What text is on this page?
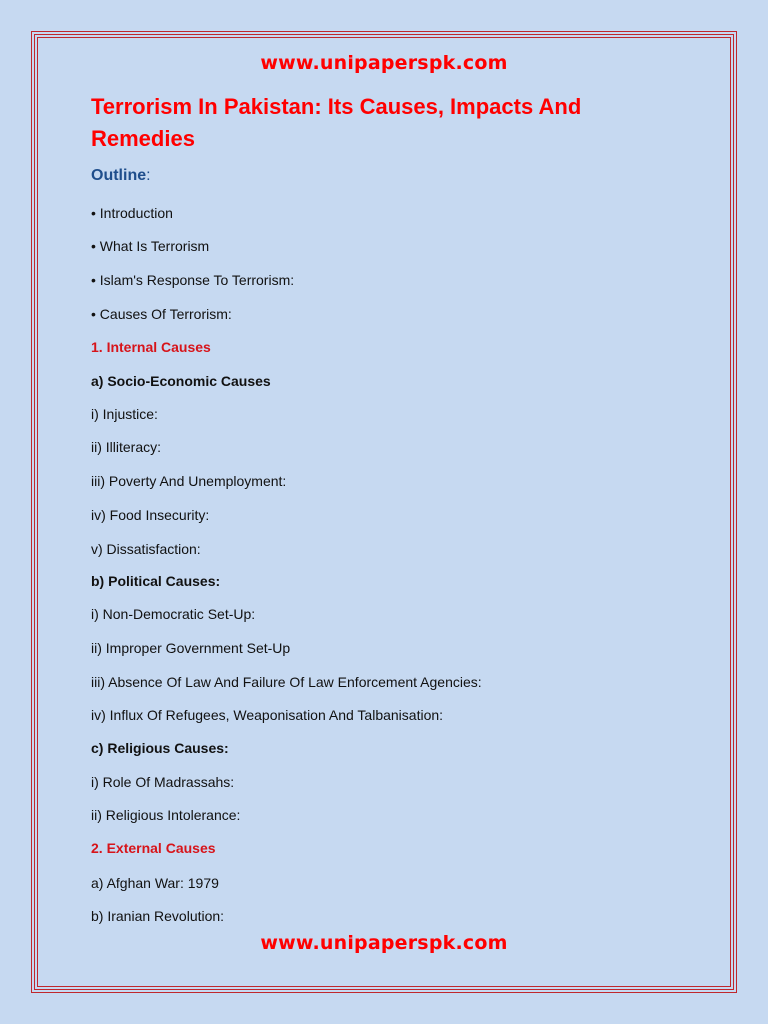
www.unipaperspk.com

Terrorism In Pakistan: Its Causes, Impacts And Remedies
Outline:

• Introduction

• What Is Terrorism

• Islam's Response To Terrorism:

• Causes Of Terrorism:

1. Internal Causes

a) Socio-Economic Causes

i) Injustice:

ii) Illiteracy:

iii) Poverty And Unemployment:

iv) Food Insecurity:

v) Dissatisfaction:

b) Political Causes:

i) Non-Democratic Set-Up:

ii) Improper Government Set-Up

iii) Absence Of Law And Failure Of Law Enforcement Agencies:

iv) Influx Of Refugees, Weaponisation And Talbanisation:

c) Religious Causes:

i) Role Of Madrassahs:

ii) Religious Intolerance:

2. External Causes

a) Afghan War: 1979

b) Iranian Revolution:

www.unipaperspk.com
